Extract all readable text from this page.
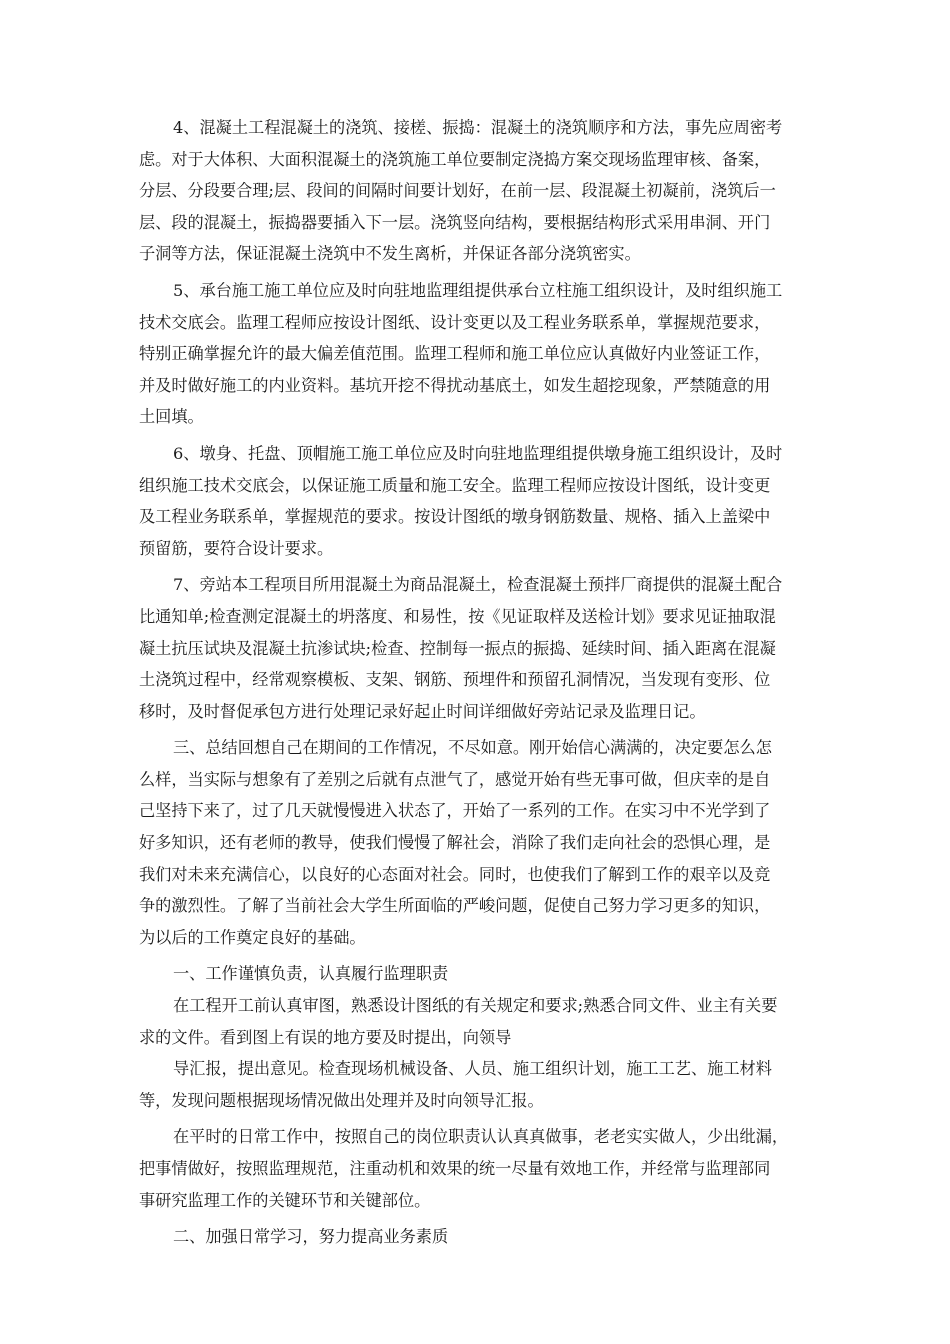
4、混凝土工程混凝土的浇筑、接槎、振捣：混凝土的浇筑顺序和方法，事先应周密考
虑。对于大体积、大面积混凝土的浇筑施工单位要制定浇捣方案交现场监理审核、备案，
分层、分段要合理;层、段间的间隔时间要计划好，在前一层、段混凝土初凝前，浇筑后一
层、段的混凝土，振捣器要插入下一层。浇筑竖向结构，要根据结构形式采用串洞、开门
子洞等方法，保证混凝土浇筑中不发生离析，并保证各部分浇筑密实。
5、承台施工施工单位应及时向驻地监理组提供承台立柱施工组织设计，及时组织施工
技术交底会。监理工程师应按设计图纸、设计变更以及工程业务联系单，掌握规范要求，
特别正确掌握允许的最大偏差值范围。监理工程师和施工单位应认真做好内业签证工作，
并及时做好施工的内业资料。基坑开挖不得扰动基底土，如发生超挖现象，严禁随意的用
土回填。
6、墩身、托盘、顶帽施工施工单位应及时向驻地监理组提供墩身施工组织设计，及时
组织施工技术交底会，以保证施工质量和施工安全。监理工程师应按设计图纸，设计变更
及工程业务联系单，掌握规范的要求。按设计图纸的墩身钢筋数量、规格、插入上盖梁中
预留筋，要符合设计要求。
7、旁站本工程项目所用混凝土为商品混凝土，检查混凝土预拌厂商提供的混凝土配合
比通知单;检查测定混凝土的坍落度、和易性，按《见证取样及送检计划》要求见证抽取混
凝土抗压试块及混凝土抗渗试块;检查、控制每一振点的振捣、延续时间、插入距离在混凝
土浇筑过程中，经常观察模板、支架、钢筋、预埋件和预留孔洞情况，当发现有变形、位
移时，及时督促承包方进行处理记录好起止时间详细做好旁站记录及监理日记。
三、总结回想自己在期间的工作情况，不尽如意。刚开始信心满满的，决定要怎么怎
么样，当实际与想象有了差别之后就有点泄气了，感觉开始有些无事可做，但庆幸的是自
己坚持下来了，过了几天就慢慢进入状态了，开始了一系列的工作。在实习中不光学到了
好多知识，还有老师的教导，使我们慢慢了解社会，消除了我们走向社会的恐惧心理，是
我们对未来充满信心，以良好的心态面对社会。同时，也使我们了解到工作的艰辛以及竞
争的激烈性。了解了当前社会大学生所面临的严峻问题，促使自己努力学习更多的知识，
为以后的工作奠定良好的基础。
一、工作谨慎负责，认真履行监理职责
在工程开工前认真审图，熟悉设计图纸的有关规定和要求;熟悉合同文件、业主有关要
求的文件。看到图上有误的地方要及时提出，向领导
导汇报，提出意见。检查现场机械设备、人员、施工组织计划，施工工艺、施工材料
等，发现问题根据现场情况做出处理并及时向领导汇报。
在平时的日常工作中，按照自己的岗位职责认认真真做事，老老实实做人，少出纰漏，
把事情做好，按照监理规范，注重动机和效果的统一尽量有效地工作，并经常与监理部同
事研究监理工作的关键环节和关键部位。
二、加强日常学习，努力提高业务素质
